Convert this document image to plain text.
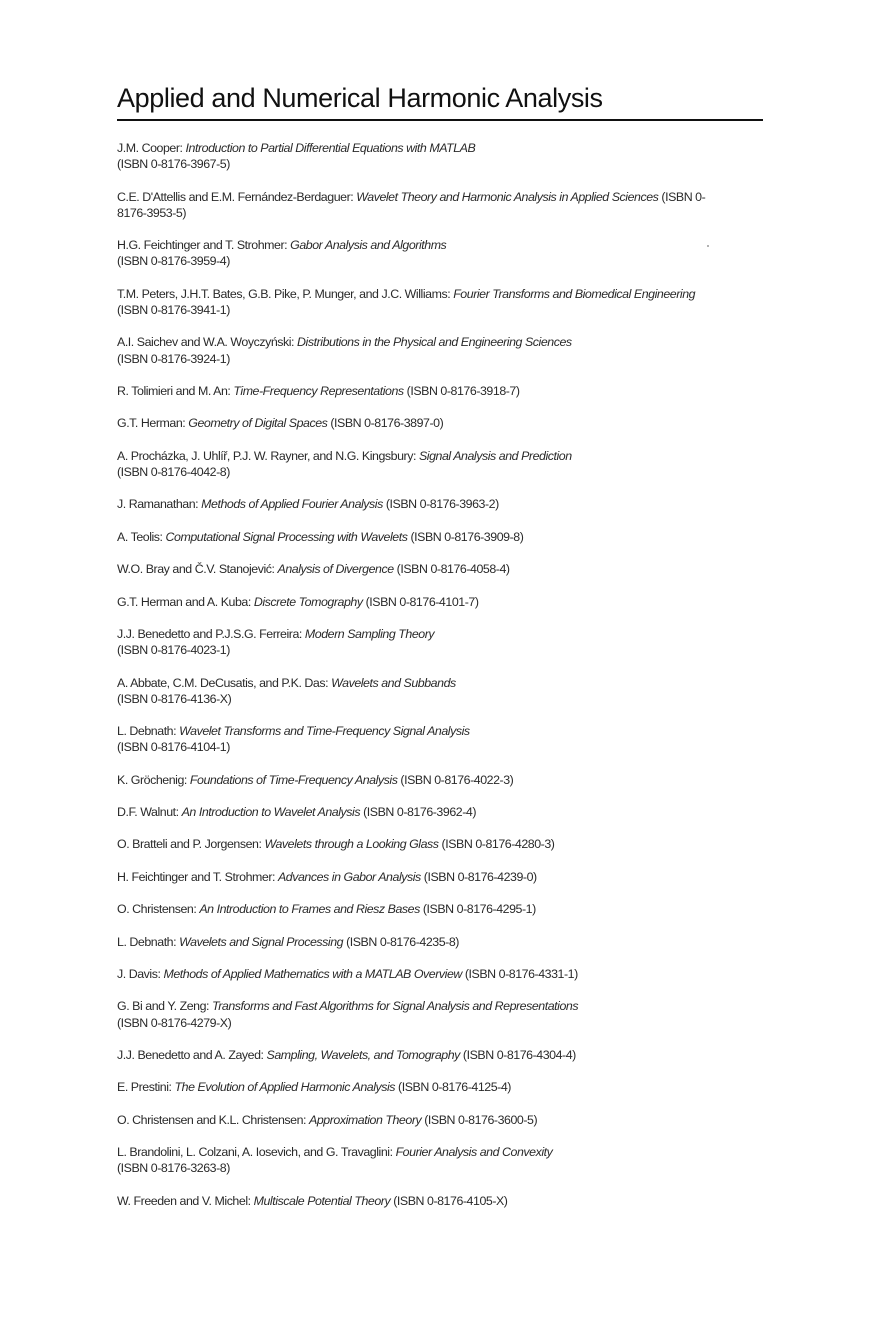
Applied and Numerical Harmonic Analysis
J.M. Cooper: Introduction to Partial Differential Equations with MATLAB
(ISBN 0-8176-3967-5)
C.E. D'Attellis and E.M. Fernández-Berdaguer: Wavelet Theory and Harmonic Analysis in Applied Sciences (ISBN 0-8176-3953-5)
H.G. Feichtinger and T. Strohmer: Gabor Analysis and Algorithms
(ISBN 0-8176-3959-4)
T.M. Peters, J.H.T. Bates, G.B. Pike, P. Munger, and J.C. Williams: Fourier Transforms and Biomedical Engineering (ISBN 0-8176-3941-1)
A.I. Saichev and W.A. Woyczyński: Distributions in the Physical and Engineering Sciences
(ISBN 0-8176-3924-1)
R. Tolimieri and M. An: Time-Frequency Representations (ISBN 0-8176-3918-7)
G.T. Herman: Geometry of Digital Spaces (ISBN 0-8176-3897-0)
A. Procházka, J. Uhlíř, P.J. W. Rayner, and N.G. Kingsbury: Signal Analysis and Prediction
(ISBN 0-8176-4042-8)
J. Ramanathan: Methods of Applied Fourier Analysis (ISBN 0-8176-3963-2)
A. Teolis: Computational Signal Processing with Wavelets (ISBN 0-8176-3909-8)
W.O. Bray and Č.V. Stanojević: Analysis of Divergence (ISBN 0-8176-4058-4)
G.T. Herman and A. Kuba: Discrete Tomography (ISBN 0-8176-4101-7)
J.J. Benedetto and P.J.S.G. Ferreira: Modern Sampling Theory
(ISBN 0-8176-4023-1)
A. Abbate, C.M. DeCusatis, and P.K. Das: Wavelets and Subbands
(ISBN 0-8176-4136-X)
L. Debnath: Wavelet Transforms and Time-Frequency Signal Analysis
(ISBN 0-8176-4104-1)
K. Gröchenig: Foundations of Time-Frequency Analysis (ISBN 0-8176-4022-3)
D.F. Walnut: An Introduction to Wavelet Analysis (ISBN 0-8176-3962-4)
O. Bratteli and P. Jorgensen: Wavelets through a Looking Glass (ISBN 0-8176-4280-3)
H. Feichtinger and T. Strohmer: Advances in Gabor Analysis (ISBN 0-8176-4239-0)
O. Christensen: An Introduction to Frames and Riesz Bases (ISBN 0-8176-4295-1)
L. Debnath: Wavelets and Signal Processing (ISBN 0-8176-4235-8)
J. Davis: Methods of Applied Mathematics with a MATLAB Overview (ISBN 0-8176-4331-1)
G. Bi and Y. Zeng: Transforms and Fast Algorithms for Signal Analysis and Representations
(ISBN 0-8176-4279-X)
J.J. Benedetto and A. Zayed: Sampling, Wavelets, and Tomography (ISBN 0-8176-4304-4)
E. Prestini: The Evolution of Applied Harmonic Analysis (ISBN 0-8176-4125-4)
O. Christensen and K.L. Christensen: Approximation Theory (ISBN 0-8176-3600-5)
L. Brandolini, L. Colzani, A. Iosevich, and G. Travaglini: Fourier Analysis and Convexity
(ISBN 0-8176-3263-8)
W. Freeden and V. Michel: Multiscale Potential Theory (ISBN 0-8176-4105-X)
